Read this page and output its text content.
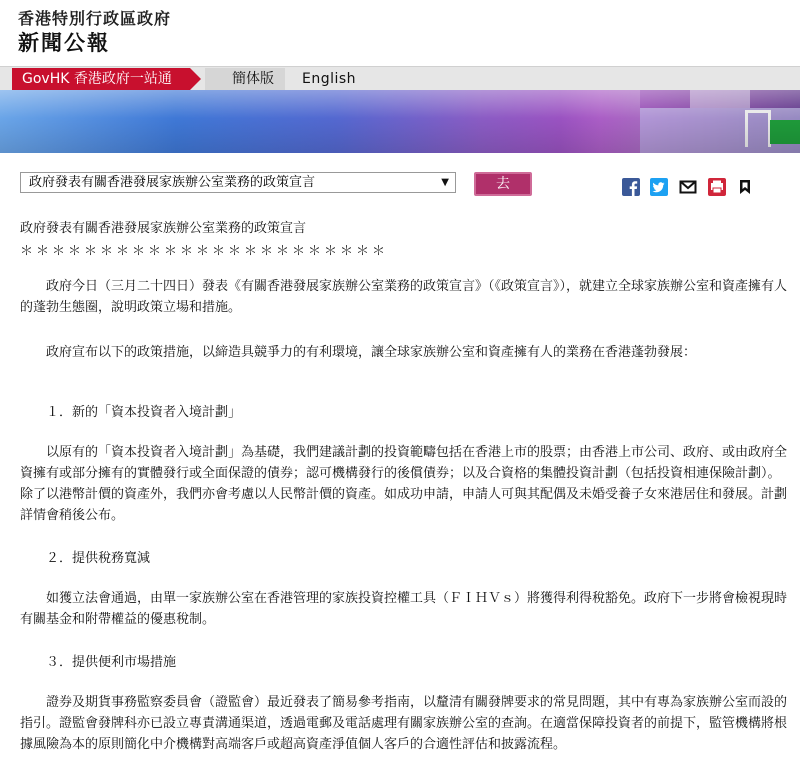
香港特別行政區政府
新聞公報
GovHK 香港政府一站通	簡体版	English
政府發表有關香港發展家族辦公室業務的政策宣言	▼	去
政府發表有關香港發展家族辦公室業務的政策宣言
＊＊＊＊＊＊＊＊＊＊＊＊＊＊＊＊＊＊＊＊＊＊＊
　　政府今日（三月二十四日）發表《有關香港發展家族辦公室業務的政策宣言》（《政策宣言》），就建立全球家族辦公室和資產擁有人的蓬勃生態圈，說明政策立場和措施。
　　政府宣布以下的政策措施，以締造具競爭力的有利環境，讓全球家族辦公室和資產擁有人的業務在香港蓬勃發展：
　　１．新的「資本投資者入境計劃」
　　以原有的「資本投資者入境計劃」為基礎，我們建議計劃的投資範疇包括在香港上市的股票；由香港上市公司、政府、或由政府全資擁有或部分擁有的實體發行或全面保證的債券；認可機構發行的後償債券；以及合資格的集體投資計劃（包括投資相連保險計劃）。除了以港幣計價的資產外，我們亦會考慮以人民幣計價的資產。如成功申請，申請人可與其配偶及未婚受養子女來港居住和發展。計劃詳情會稍後公布。
　　２．提供稅務寬減
　　如獲立法會通過，由單一家族辦公室在香港管理的家族投資控權工具（ＦＩＨＶｓ）將獲得利得稅豁免。政府下一步將會檢視現時有關基金和附帶權益的優惠稅制。
　　３．提供便利市場措施
　　證券及期貨事務監察委員會（證監會）最近發表了簡易參考指南，以釐清有關發牌要求的常見問題，其中有專為家族辦公室而設的指引。證監會發牌科亦已設立專責溝通渠道，透過電郵及電話處理有關家族辦公室的查詢。在適當保障投資者的前提下，監管機構將根據風險為本的原則簡化中介機構對高端客戶或超高資產淨值個人客戶的合適性評估和披露流程。
